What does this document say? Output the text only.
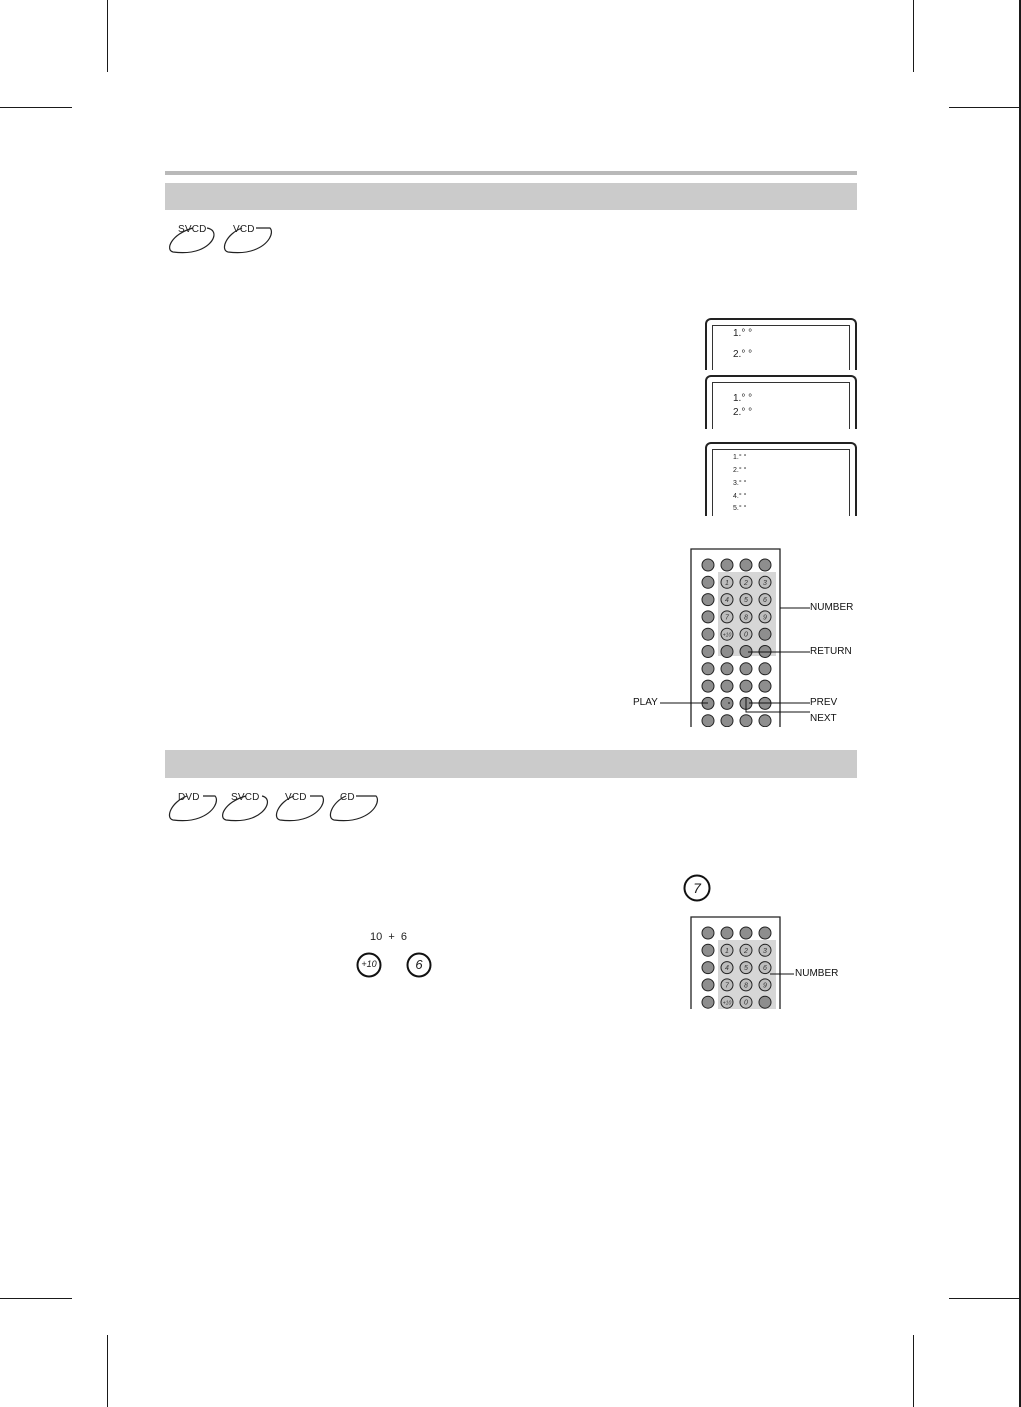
SVCD	VCD
1.° °
2.° °
1.° °
2.° °
1.° °
2.° °
3.° °
4.° °
5.° °
1 2 3
4 5 6
7 8 9
+10 0
NUMBER
RETURN
PLAY	PREV
NEXT
DVD	SVCD	VCD	CD
7
10  +  6
+10	6
1 2 3
4 5 6
7 8 9
+10 0
NUMBER
